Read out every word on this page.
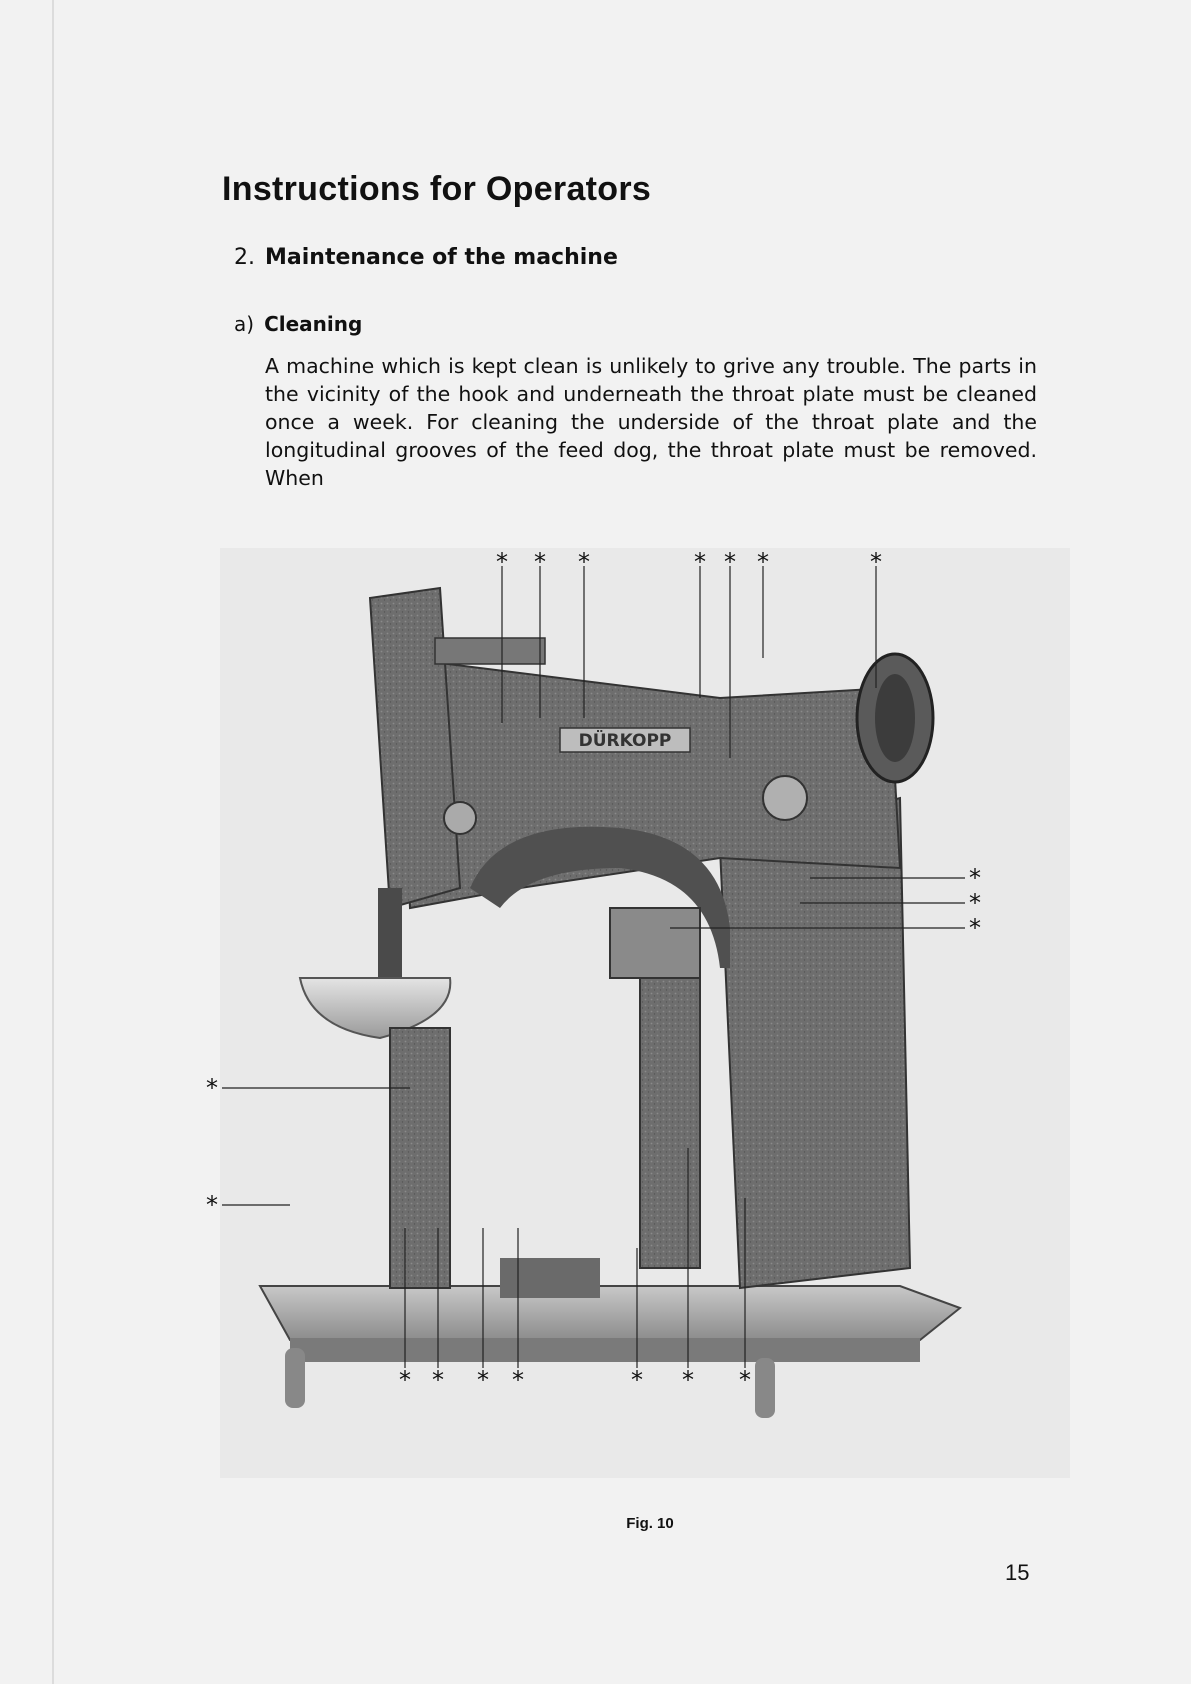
Instructions for Operators
2. Maintenance of the machine
a) Cleaning

A machine which is kept clean is unlikely to grive any trouble. The parts in the vicinity of the hook and underneath the throat plate must be cleaned once a week. For cleaning the underside of the throat plate and the longitudinal grooves of the feed dog, the throat plate must be removed. When

DÜRKOPP
* * *	* * *	*
*
*
*
*
*
* * * *	* * *
Fig. 10
15
